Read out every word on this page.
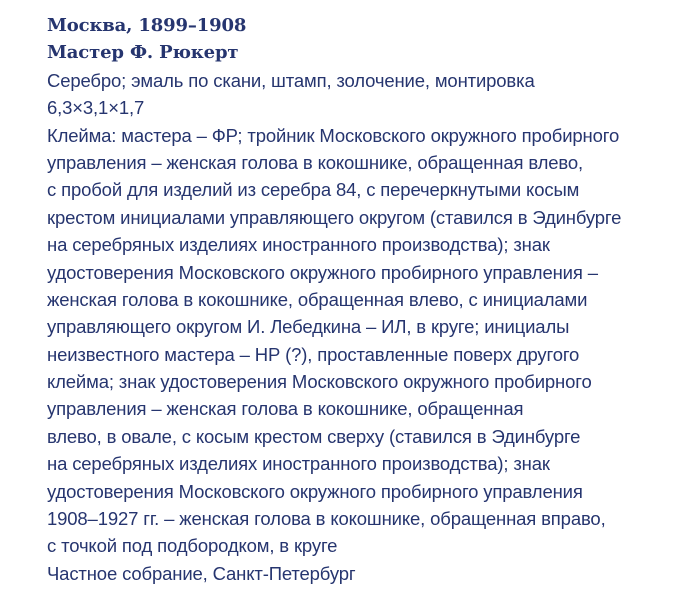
Москва, 1899–1908
Мастер Ф. Рюкерт
Серебро; эмаль по скани, штамп, золочение, монтировка
6,3×3,1×1,7
Клейма: мастера – ФР; тройник Московского окружного пробирного
управления – женская голова в кокошнике, обращенная влево,
с пробой для изделий из серебра 84, с перечеркнутыми косым
крестом инициалами управляющего округом (ставился в Эдинбурге
на серебряных изделиях иностранного производства); знак
удостоверения Московского окружного пробирного управления –
женская голова в кокошнике, обращенная влево, с инициалами
управляющего округом И. Лебедкина – ИЛ, в круге; инициалы
неизвестного мастера – НР (?), проставленные поверх другого
клейма; знак удостоверения Московского окружного пробирного
управления – женская голова в кокошнике, обращенная
влево, в овале, с косым крестом сверху (ставился в Эдинбурге
на серебряных изделиях иностранного производства); знак
удостоверения Московского окружного пробирного управления
1908–1927 гг. – женская голова в кокошнике, обращенная вправо,
с точкой под подбородком, в круге
Частное собрание, Санкт-Петербург
